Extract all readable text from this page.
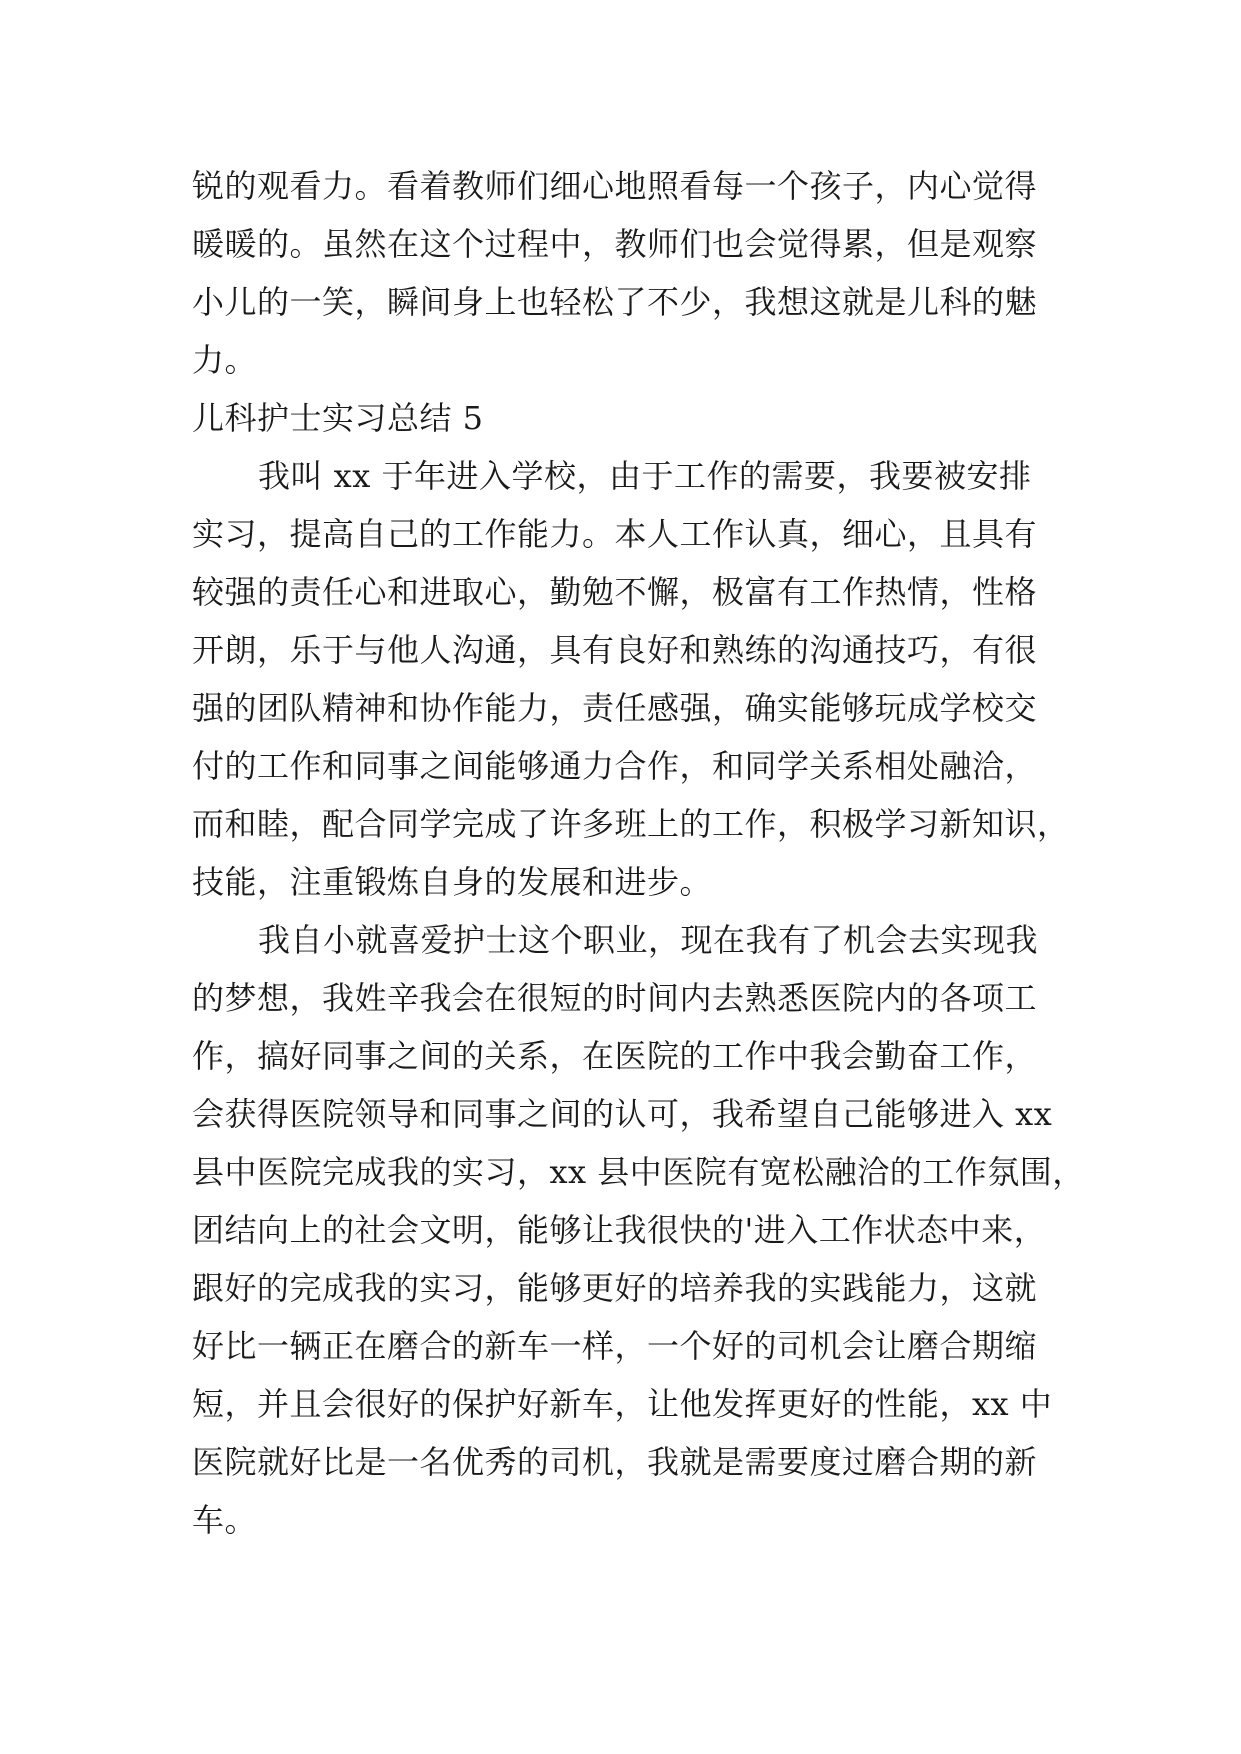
锐的观看力。看着教师们细心地照看每一个孩子，内心觉得
暖暖的。虽然在这个过程中，教师们也会觉得累，但是观察
小儿的一笑，瞬间身上也轻松了不少，我想这就是儿科的魅
力。
儿科护士实习总结 5
我叫 xx 于年进入学校，由于工作的需要，我要被安排
实习，提高自己的工作能力。本人工作认真，细心，且具有
较强的责任心和进取心，勤勉不懈，极富有工作热情，性格
开朗，乐于与他人沟通，具有良好和熟练的沟通技巧，有很
强的团队精神和协作能力，责任感强，确实能够玩成学校交
付的工作和同事之间能够通力合作，和同学关系相处融洽，
而和睦，配合同学完成了许多班上的工作，积极学习新知识，
技能，注重锻炼自身的发展和进步。
我自小就喜爱护士这个职业，现在我有了机会去实现我
的梦想，我姓辛我会在很短的时间内去熟悉医院内的各项工
作，搞好同事之间的关系，在医院的工作中我会勤奋工作，
会获得医院领导和同事之间的认可，我希望自己能够进入 xx
县中医院完成我的实习，xx 县中医院有宽松融洽的工作氛围，
团结向上的社会文明，能够让我很快的'进入工作状态中来，
跟好的完成我的实习，能够更好的培养我的实践能力，这就
好比一辆正在磨合的新车一样，一个好的司机会让磨合期缩
短，并且会很好的保护好新车，让他发挥更好的性能，xx 中
医院就好比是一名优秀的司机，我就是需要度过磨合期的新
车。
